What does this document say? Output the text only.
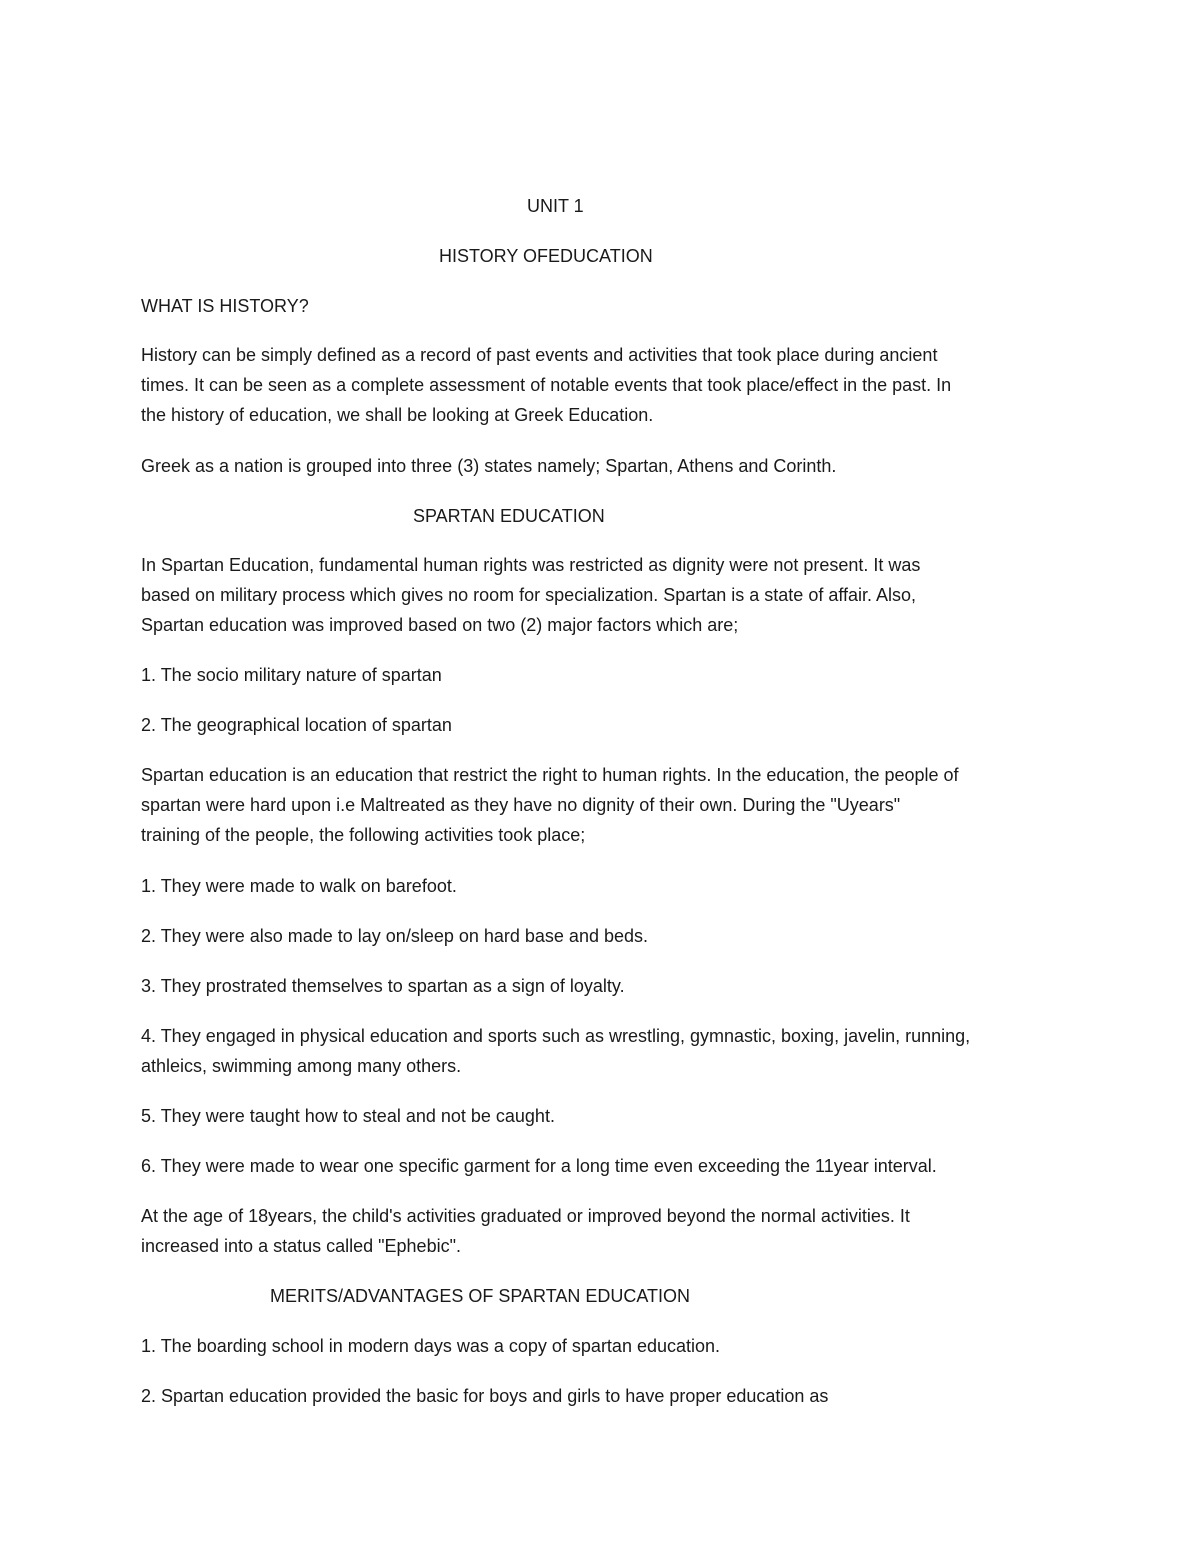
UNIT 1

HISTORY OFEDUCATION

WHAT IS HISTORY?

History can be simply defined as a record of past events and activities that took place during ancient

times. It can be seen as a complete assessment of notable events that took place/effect in the past. In

the history of education, we shall be looking at Greek Education.

Greek as a nation is grouped into three (3) states namely; Spartan, Athens and Corinth.

SPARTAN EDUCATION

In Spartan Education, fundamental human rights was restricted as dignity were not present. It was

based on military process which gives no room for specialization. Spartan is a state of affair. Also,

Spartan education was improved based on two (2) major factors which are;

1. The socio military nature of spartan

2. The geographical location of spartan

Spartan education is an education that restrict the right to human rights. In the education, the people of

spartan were hard upon i.e Maltreated as they have no dignity of their own. During the "Uyears"

training of the people, the following activities took place;

1. They were made to walk on barefoot.

2. They were also made to lay on/sleep on hard base and beds.

3. They prostrated themselves to spartan as a sign of loyalty.

4. They engaged in physical education and sports such as wrestling, gymnastic, boxing, javelin, running,

athleics, swimming among many others.

5. They were taught how to steal and not be caught.

6. They were made to wear one specific garment for a long time even exceeding the 11year interval.

At the age of 18years, the child's activities graduated or improved beyond the normal activities. It

increased into a status called "Ephebic".

MERITS/ADVANTAGES OF SPARTAN EDUCATION

1. The boarding school in modern days was a copy of spartan education.

2. Spartan education provided the basic for boys and girls to have proper education as
